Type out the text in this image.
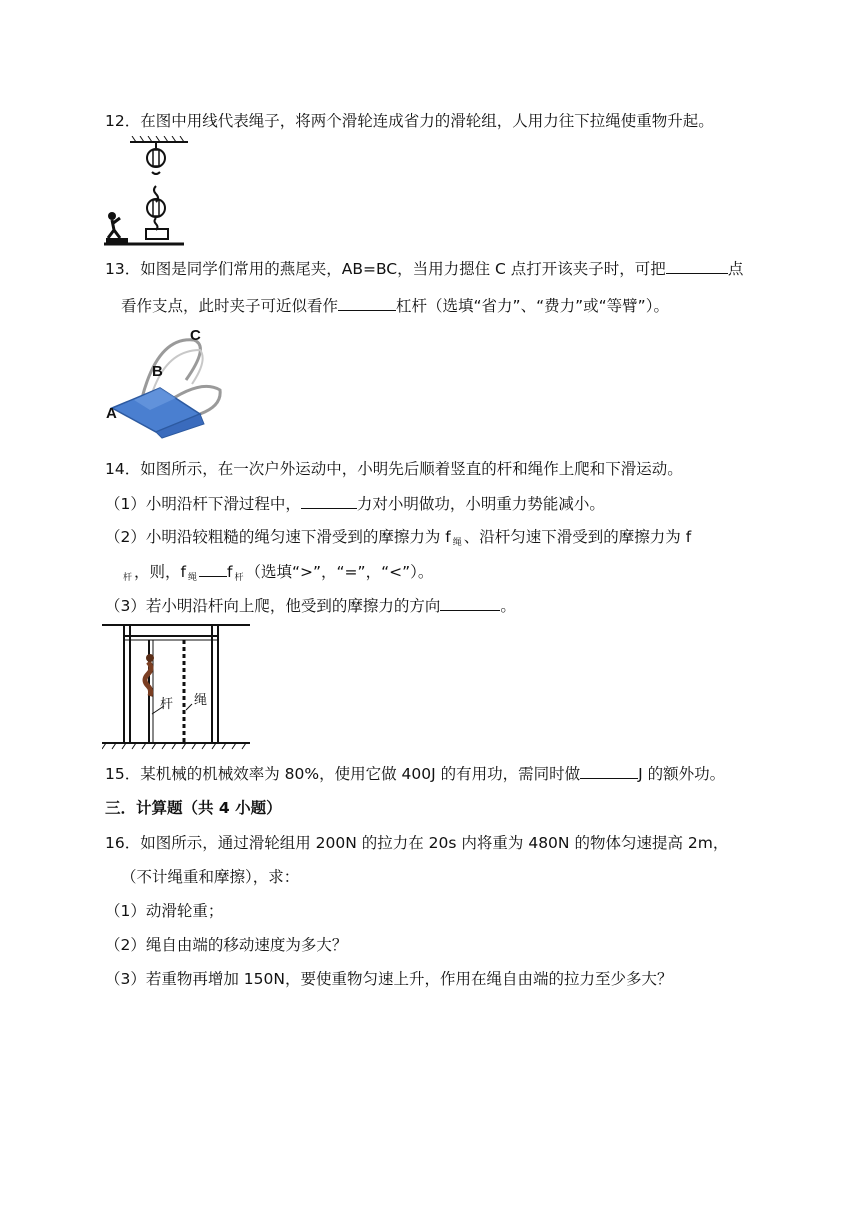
12．在图中用线代表绳子，将两个滑轮连成省力的滑轮组，人用力往下拉绳使重物升起。
13．如图是同学们常用的燕尾夹，AB=BC，当用力摁住 C 点打开该夹子时，可把	点
看作支点，此时夹子可近似看作	杠杆（选填“省力”、“费力”或“等臂”）。
C
B
A
14．如图所示，在一次户外运动中，小明先后顺着竖直的杆和绳作上爬和下滑运动。
（1）小明沿杆下滑过程中，	力对小明做功，小明重力势能减小。
（2）小明沿较粗糙的绳匀速下滑受到的摩擦力为 f $_绳$ 、沿杆匀速下滑受到的摩擦力为 f
$_杆$ ，则，f $_绳$ f $_杆$ （选填“>”，“=”，“<”）。
（3）若小明沿杆向上爬，他受到的摩擦力的方向	。
杆 绳
15．某机械的机械效率为 80%，使用它做 400J 的有用功，需同时做	J 的额外功。
三．计算题（共 4 小题）
16．如图所示，通过滑轮组用 200N 的拉力在 20s 内将重为 480N 的物体匀速提高 2m，
（不计绳重和摩擦），求：
（1）动滑轮重；
（2）绳自由端的移动速度为多大？
（3）若重物再增加 150N，要使重物匀速上升，作用在绳自由端的拉力至少多大？
